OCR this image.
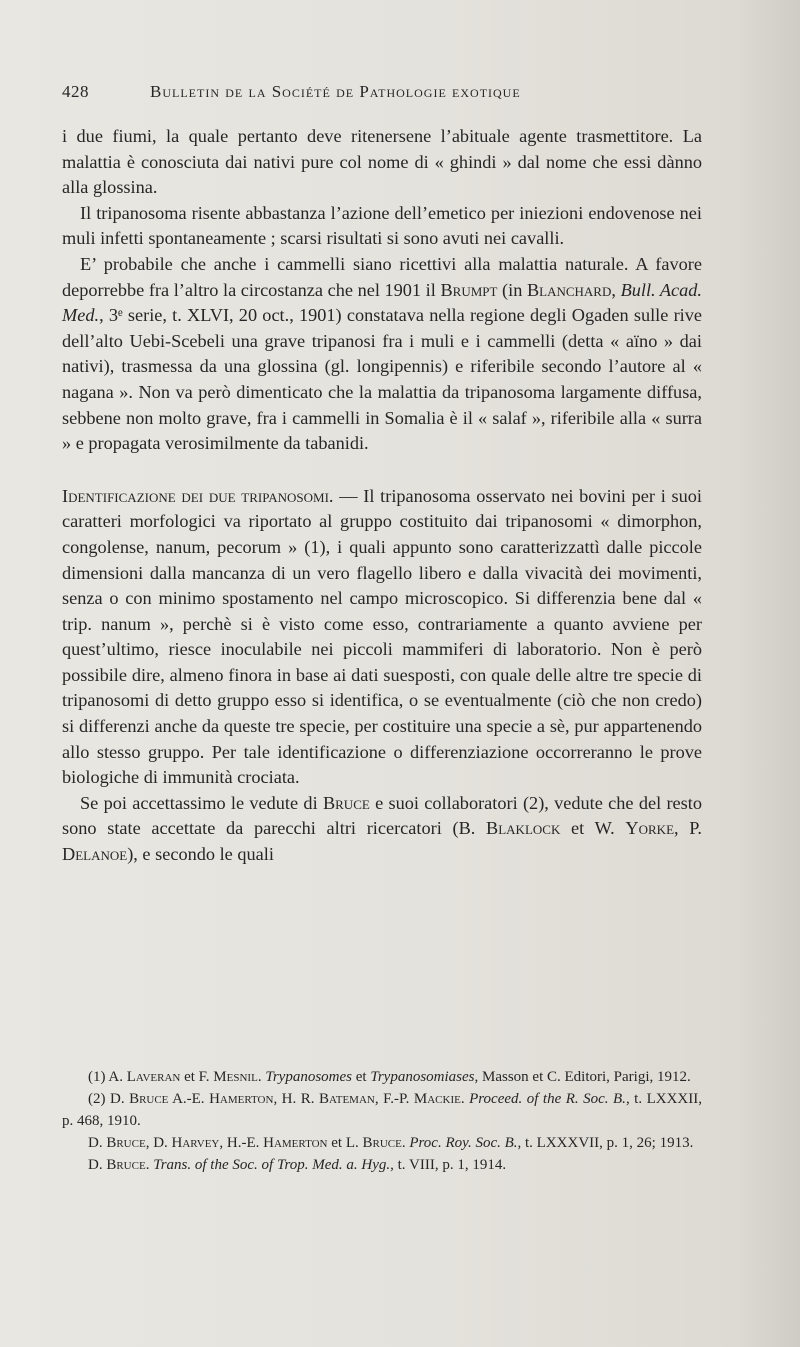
428	Bulletin de la Société de Pathologie exotique

i due fiumi, la quale pertanto deve ritenersene l’abituale agente trasmettitore. La malattia è conosciuta dai nativi pure col nome di « ghindi » dal nome che essi dànno alla glossina.

Il tripanosoma risente abbastanza l’azione dell’emetico per iniezioni endovenose nei muli infetti spontaneamente ; scarsi risultati si sono avuti nei cavalli.

E’ probabile che anche i cammelli siano ricettivi alla malattia naturale. A favore deporrebbe fra l’altro la circostanza che nel 1901 il Brumpt (in Blanchard, Bull. Acad. Med., 3ᵉ serie, t. XLVI, 20 oct., 1901) constatava nella regione degli Ogaden sulle rive dell’alto Uebi-Scebeli una grave tripanosi fra i muli e i cammelli (detta « aïno » dai nativi), trasmessa da una glossina (gl. longipennis) e riferibile secondo l’autore al « nagana ». Non va però dimenticato che la malattia da tripanosoma largamente diffusa, sebbene non molto grave, fra i cammelli in Somalia è il « salaf », riferibile alla « surra » e propagata verosimilmente da tabanidi.

Identificazione dei due tripanosomi. — Il tripanosoma osservato nei bovini per i suoi caratteri morfologici va riportato al gruppo costituito dai tripanosomi « dimorphon, congolense, nanum, pecorum » (1), i quali appunto sono caratterizzattì dalle piccole dimensioni dalla mancanza di un vero flagello libero e dalla vivacità dei movimenti, senza o con minimo spostamento nel campo microscopico. Si differenzia bene dal « trip. nanum », perchè si è visto come esso, contrariamente a quanto avviene per quest’ultimo, riesce inoculabile nei piccoli mammiferi di laboratorio. Non è però possibile dire, almeno finora in base ai dati suesposti, con quale delle altre tre specie di tripanosomi di detto gruppo esso si identifica, o se eventualmente (ciò che non credo) si differenzi anche da queste tre specie, per costituire una specie a sè, pur appartenendo allo stesso gruppo. Per tale identificazione o differenziazione occorreranno le prove biologiche di immunità crociata.

Se poi accettassimo le vedute di Bruce e suoi collaboratori (2), vedute che del resto sono state accettate da parecchi altri ricercatori (B. Blaklock et W. Yorke, P. Delanoe), e secondo le quali

(1) A. Laveran et F. Mesnil. Trypanosomes et Trypanosomiases, Masson et C. Editori, Parigi, 1912.

(2) D. Bruce A.-E. Hamerton, H. R. Bateman, F.-P. Mackie. Proceed. of the R. Soc. B., t. LXXXII, p. 468, 1910.

D. Bruce, D. Harvey, H.-E. Hamerton et L. Bruce. Proc. Roy. Soc. B., t. LXXXVII, p. 1, 26; 1913.

D. Bruce. Trans. of the Soc. of Trop. Med. a. Hyg., t. VIII, p. 1, 1914.
